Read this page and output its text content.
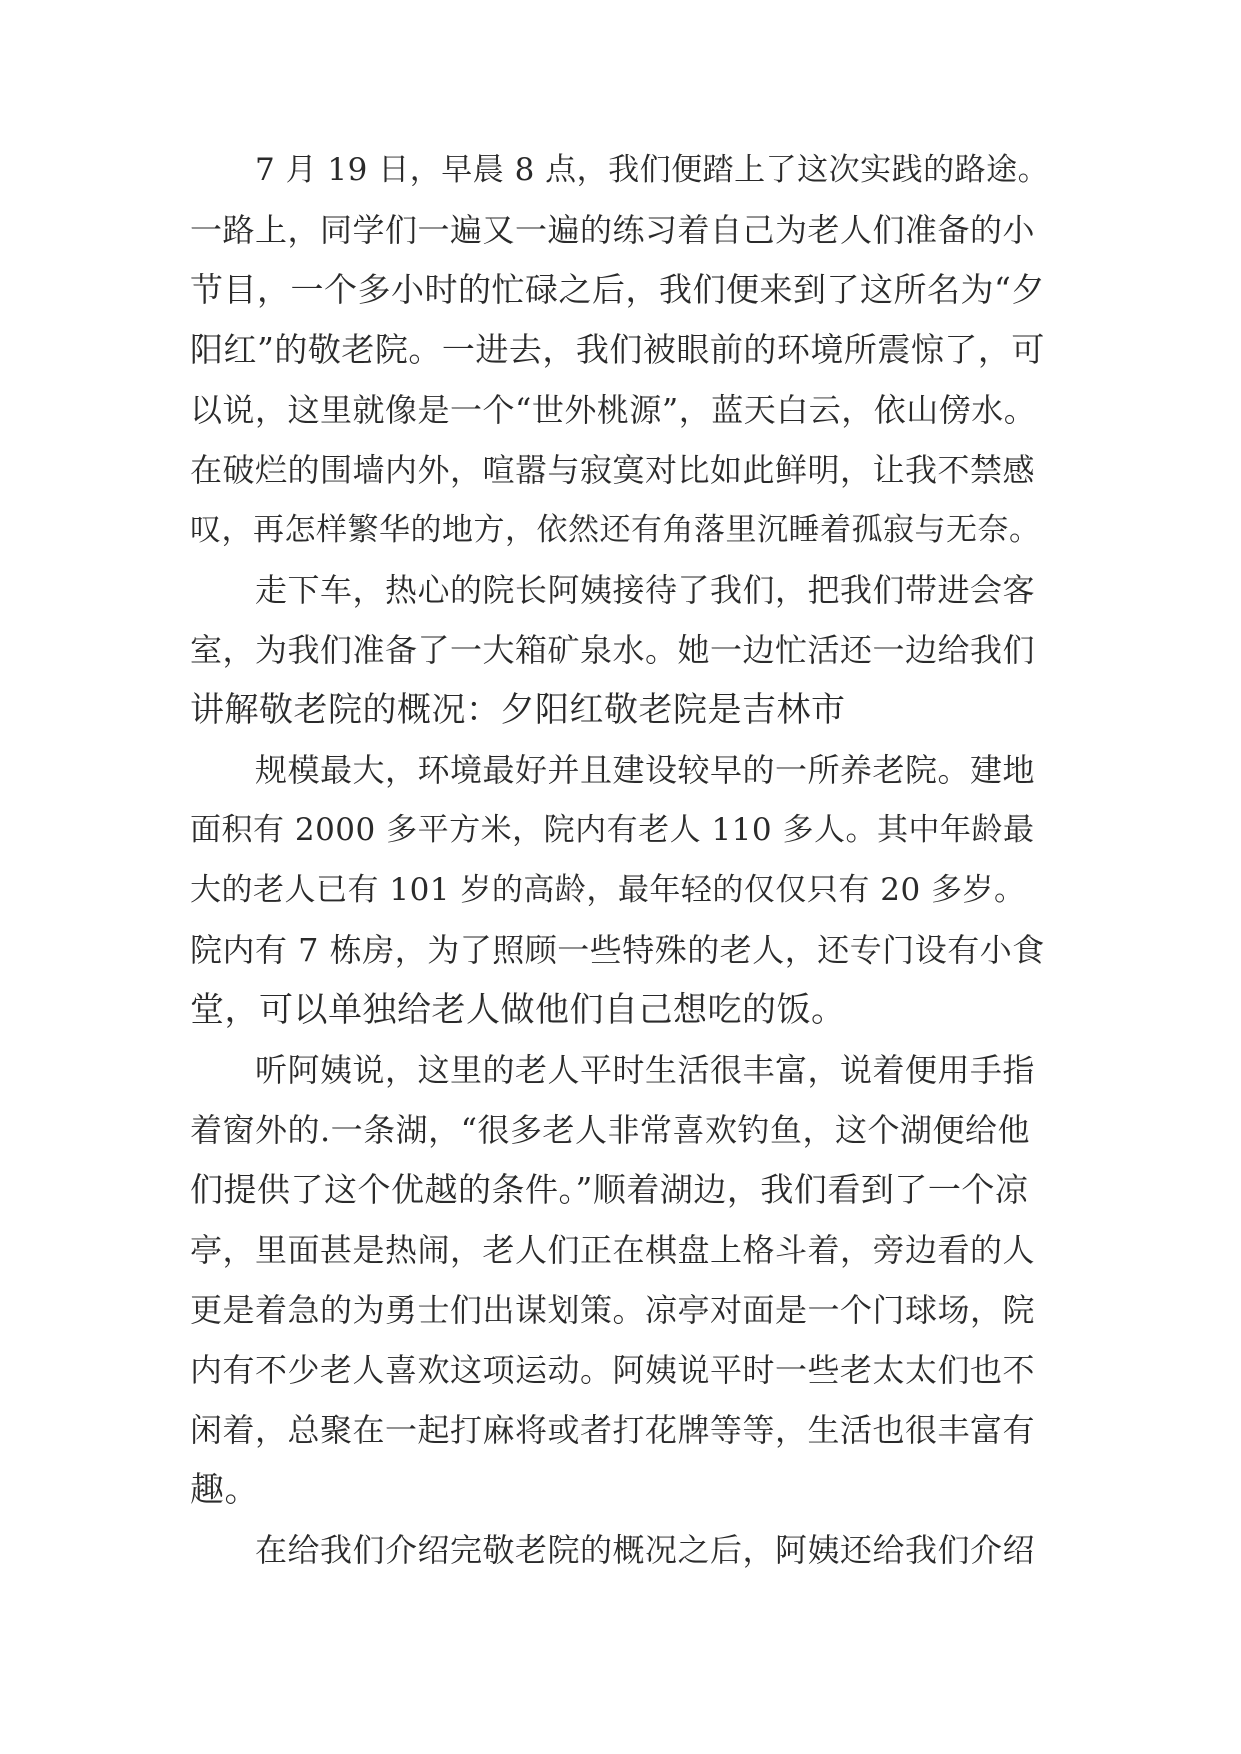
7 月 19 日，早晨 8 点，我们便踏上了这次实践的路途。
一路上，同学们一遍又一遍的练习着自己为老人们准备的小
节目，一个多小时的忙碌之后，我们便来到了这所名为“夕
阳红”的敬老院。一进去，我们被眼前的环境所震惊了，可
以说，这里就像是一个“世外桃源”，蓝天白云，依山傍水。
在破烂的围墙内外，喧嚣与寂寞对比如此鲜明，让我不禁感
叹，再怎样繁华的地方，依然还有角落里沉睡着孤寂与无奈。
走下车，热心的院长阿姨接待了我们，把我们带进会客
室，为我们准备了一大箱矿泉水。她一边忙活还一边给我们
讲解敬老院的概况：夕阳红敬老院是吉林市
规模最大，环境最好并且建设较早的一所养老院。建地
面积有 2000 多平方米，院内有老人 110 多人。其中年龄最
大的老人已有 101 岁的高龄，最年轻的仅仅只有 20 多岁。
院内有 7 栋房，为了照顾一些特殊的老人，还专门设有小食
堂，可以单独给老人做他们自己想吃的饭。
听阿姨说，这里的老人平时生活很丰富，说着便用手指
着窗外的.一条湖，“很多老人非常喜欢钓鱼，这个湖便给他
们提供了这个优越的条件。”顺着湖边，我们看到了一个凉
亭，里面甚是热闹，老人们正在棋盘上格斗着，旁边看的人
更是着急的为勇士们出谋划策。凉亭对面是一个门球场，院
内有不少老人喜欢这项运动。阿姨说平时一些老太太们也不
闲着，总聚在一起打麻将或者打花牌等等，生活也很丰富有
趣。
在给我们介绍完敬老院的概况之后，阿姨还给我们介绍
